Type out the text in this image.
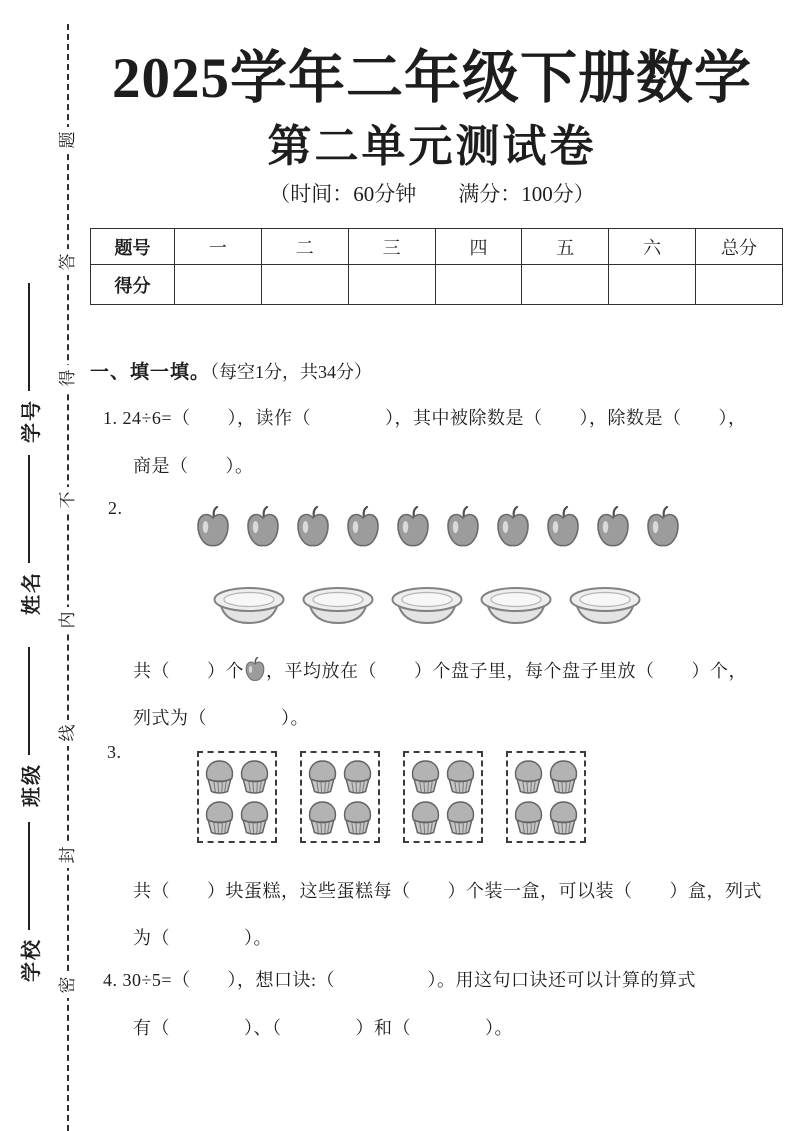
题
答
得
不
内
线
封
密
学号
姓名
班级
学校
2025学年二年级下册数学
第二单元测试卷
（时间：60分钟　　满分：100分）
题号	一	二	三	四	五	六	总分
得分							
一、填一填。（每空1分，共34分）
1. 24÷6=（　　），读作（　　　　），其中被除数是（　　），除数是（　　），
商是（　　）。
2.
共（　　）个 ，平均放在（　　）个盘子里，每个盘子里放（　　）个，
列式为（　　　　）。
3.
共（　　）块蛋糕，这些蛋糕每（　　）个装一盒，可以装（　　）盒，列式
为（　　　　）。
4. 30÷5=（　　），想口诀:（　　　　　）。用这句口诀还可以计算的算式
有（　　　　）、（　　　　）和（　　　　）。
